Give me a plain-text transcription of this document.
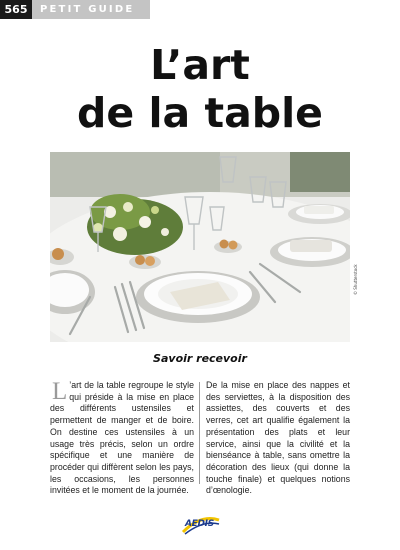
565	PETIT GUIDE
L’art
de la table
© Shutterstock
Savoir recevoir
L ’art de la table regroupe le style qui préside à la mise en place des différents ustensiles et permettent de manger et de boire. On destine ces ustensiles à un usage très précis, selon un ordre spécifique et une manière de procéder qui diffèrent selon les pays, les occasions, les personnes invitées et le moment de la journée.
De la mise en place des nappes et des serviettes, à la disposition des assiettes, des couverts et des verres, cet art qualifie également la présentation des plats et leur service, ainsi que la civilité et la bienséance à table, sans omettre la décoration des lieux (qui donne la touche finale) et quelques notions d’œnologie.
AEDIS
